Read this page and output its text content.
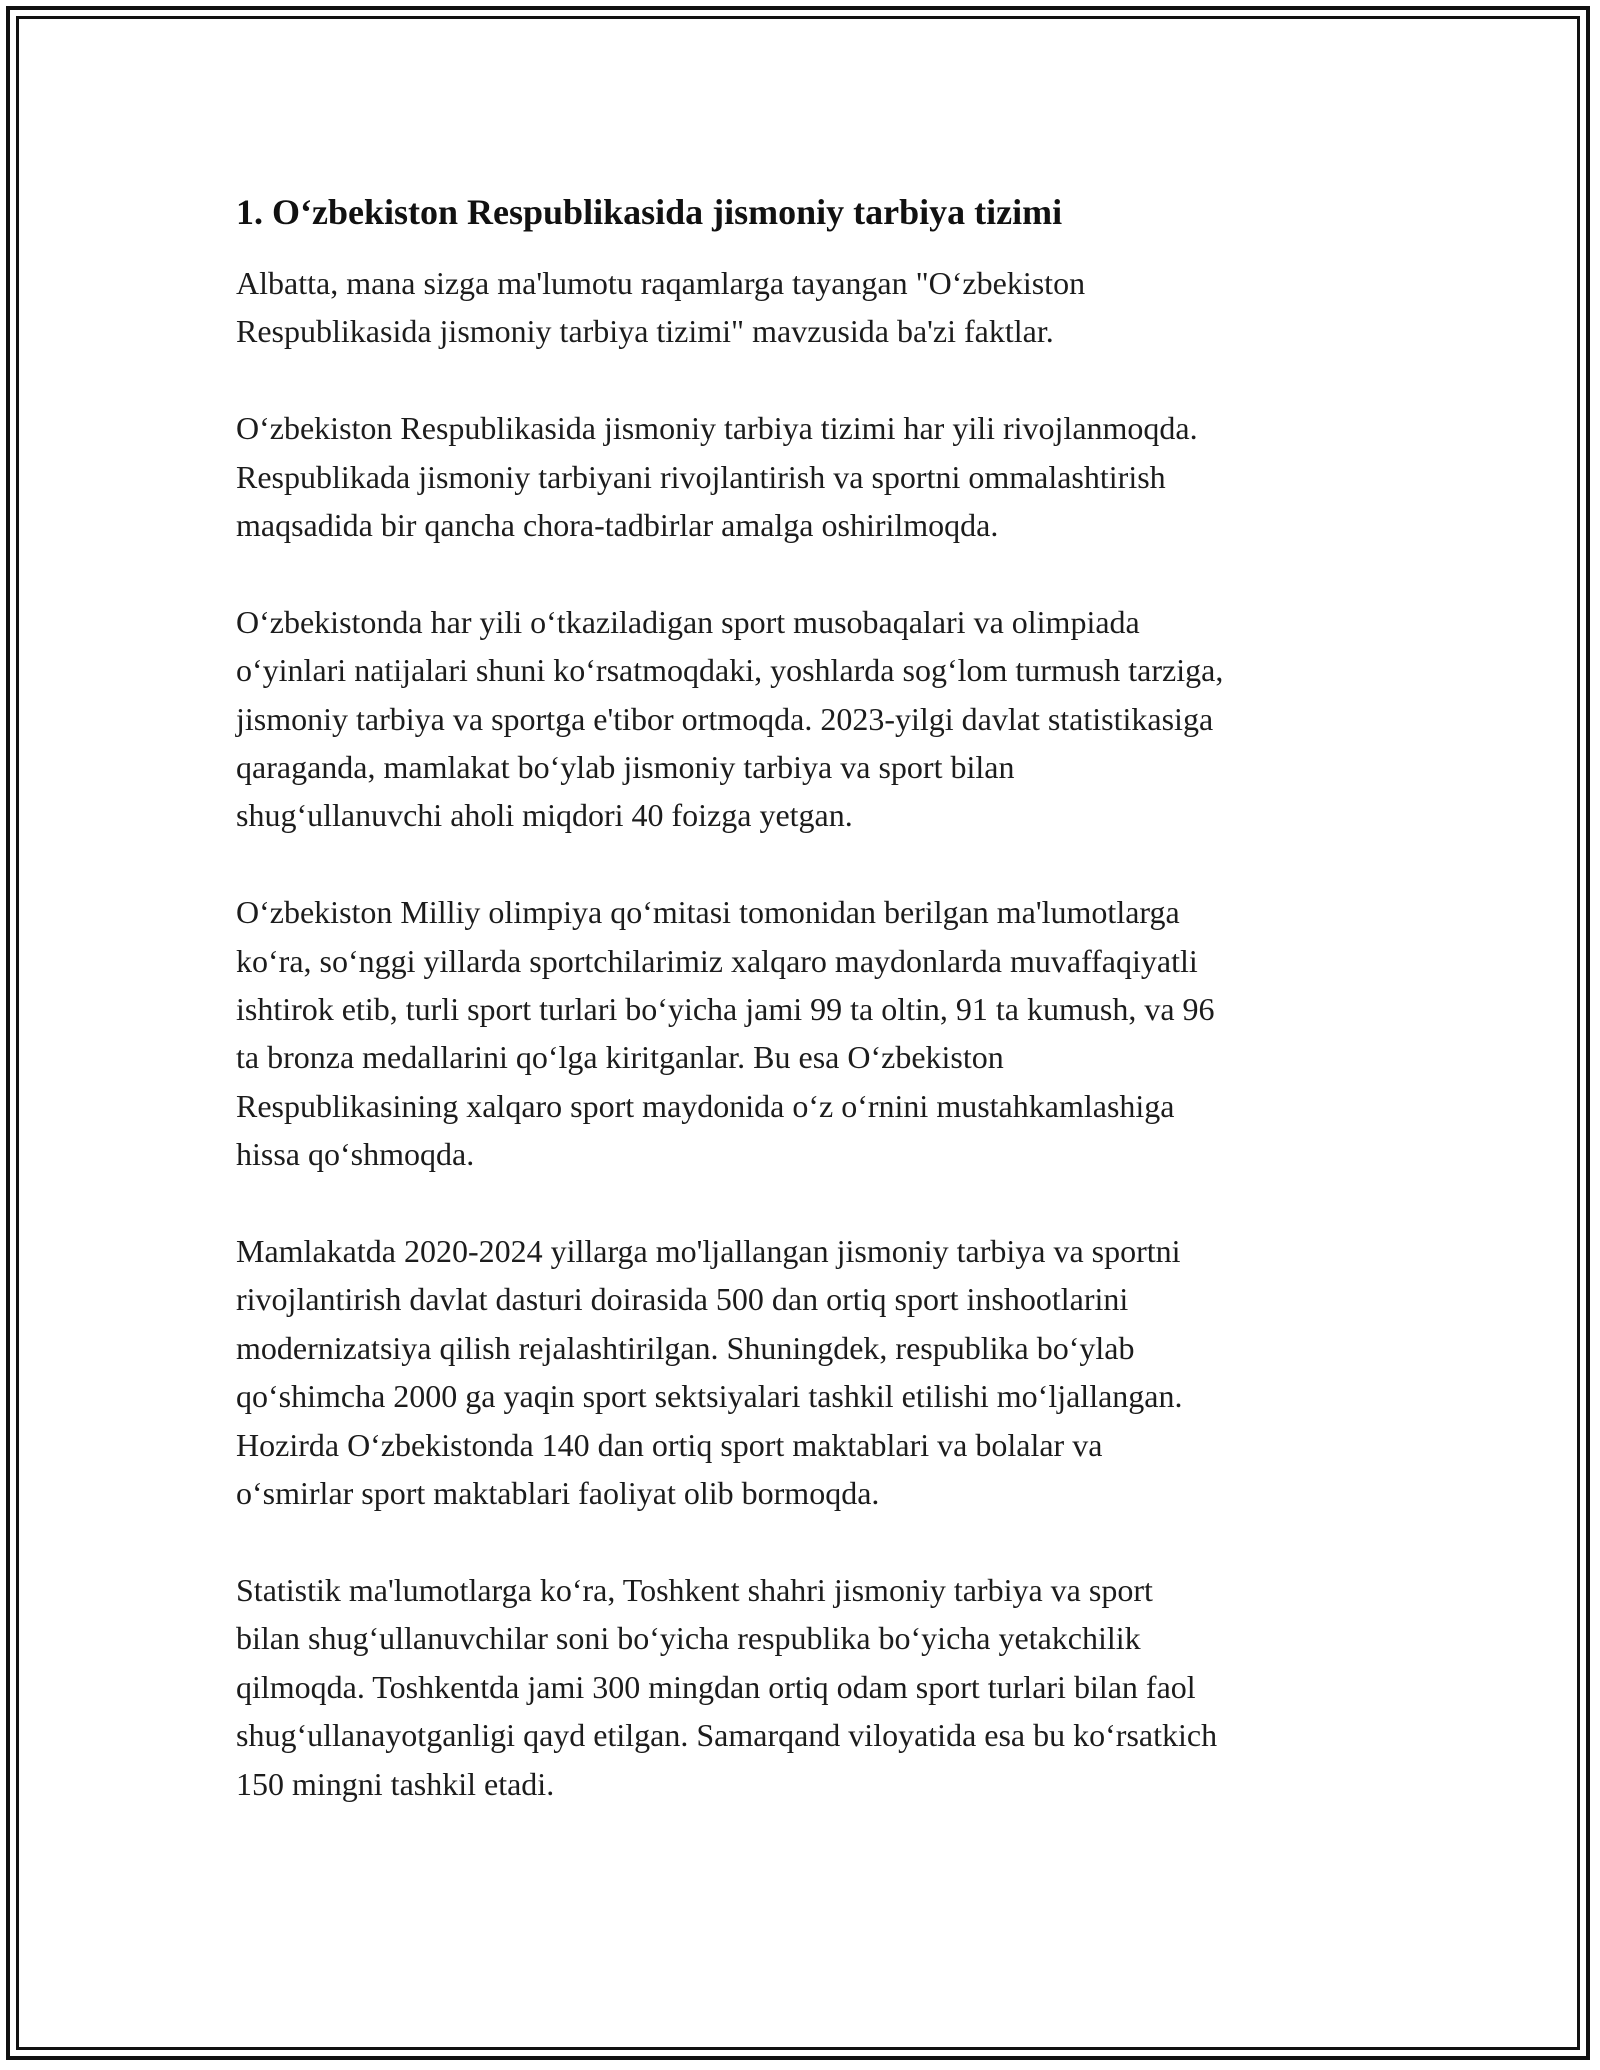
1. O‘zbekiston Respublikasida jismoniy tarbiya tizimi

Albatta, mana sizga ma'lumotu raqamlarga tayangan "O‘zbekiston
Respublikasida jismoniy tarbiya tizimi" mavzusida ba'zi faktlar.

O‘zbekiston Respublikasida jismoniy tarbiya tizimi har yili rivojlanmoqda.
Respublikada jismoniy tarbiyani rivojlantirish va sportni ommalashtirish
maqsadida bir qancha chora-tadbirlar amalga oshirilmoqda.

O‘zbekistonda har yili o‘tkaziladigan sport musobaqalari va olimpiada
o‘yinlari natijalari shuni ko‘rsatmoqdaki, yoshlarda sog‘lom turmush tarziga,
jismoniy tarbiya va sportga e'tibor ortmoqda. 2023-yilgi davlat statistikasiga
qaraganda, mamlakat bo‘ylab jismoniy tarbiya va sport bilan
shug‘ullanuvchi aholi miqdori 40 foizga yetgan.

O‘zbekiston Milliy olimpiya qo‘mitasi tomonidan berilgan ma'lumotlarga
ko‘ra, so‘nggi yillarda sportchilarimiz xalqaro maydonlarda muvaffaqiyatli
ishtirok etib, turli sport turlari bo‘yicha jami 99 ta oltin, 91 ta kumush, va 96
ta bronza medallarini qo‘lga kiritganlar. Bu esa O‘zbekiston
Respublikasining xalqaro sport maydonida o‘z o‘rnini mustahkamlashiga
hissa qo‘shmoqda.

Mamlakatda 2020-2024 yillarga mo'ljallangan jismoniy tarbiya va sportni
rivojlantirish davlat dasturi doirasida 500 dan ortiq sport inshootlarini
modernizatsiya qilish rejalashtirilgan. Shuningdek, respublika bo‘ylab
qo‘shimcha 2000 ga yaqin sport sektsiyalari tashkil etilishi mo‘ljallangan.
Hozirda O‘zbekistonda 140 dan ortiq sport maktablari va bolalar va
o‘smirlar sport maktablari faoliyat olib bormoqda.

Statistik ma'lumotlarga ko‘ra, Toshkent shahri jismoniy tarbiya va sport
bilan shug‘ullanuvchilar soni bo‘yicha respublika bo‘yicha yetakchilik
qilmoqda. Toshkentda jami 300 mingdan ortiq odam sport turlari bilan faol
shug‘ullanayotganligi qayd etilgan. Samarqand viloyatida esa bu ko‘rsatkich
150 mingni tashkil etadi.
